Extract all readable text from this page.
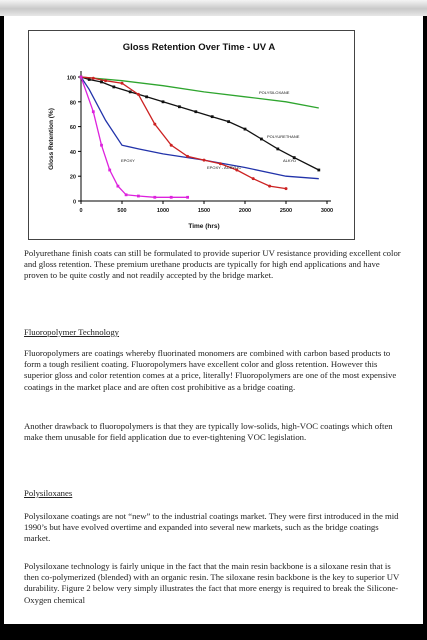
Gloss Retention Over Time - UV A
0
20
40
60
80
100
0	500	1000	1500	2000	2500	3000
Time (hrs)
Gloss Retention (%)
POLYSILOXANE
POLYURETHANE
ALKYD
EPOXY - ACRYLIC
EPOXY
Polyurethane finish coats can still be formulated to provide superior UV resistance providing excellent color and gloss retention. These premium urethane products are typically for high end applications and have proven to be quite costly and not readily accepted by the bridge market.
Fluoropolymer Technology
Fluoropolymers are coatings whereby fluorinated monomers are combined with carbon based products to form a tough resilient coating. Fluoropolymers have excellent color and gloss retention. However this superior gloss and color retention comes at a price, literally! Fluoropolymers are one of the most expensive coatings in the market place and are often cost prohibitive as a bridge coating.
Another drawback to fluoropolymers is that they are typically low-solids, high-VOC coatings which often make them unusable for field application due to ever-tightening VOC legislation.
Polysiloxanes
Polysiloxane coatings are not “new” to the industrial coatings market. They were first introduced in the mid 1990’s but have evolved overtime and expanded into several new markets, such as the bridge coatings market.
Polysiloxane technology is fairly unique in the fact that the main resin backbone is a siloxane resin that is then co-polymerized (blended) with an organic resin. The siloxane resin backbone is the key to superior UV durability. Figure 2 below very simply illustrates the fact that more energy is required to break the Silicone-Oxygen chemical
